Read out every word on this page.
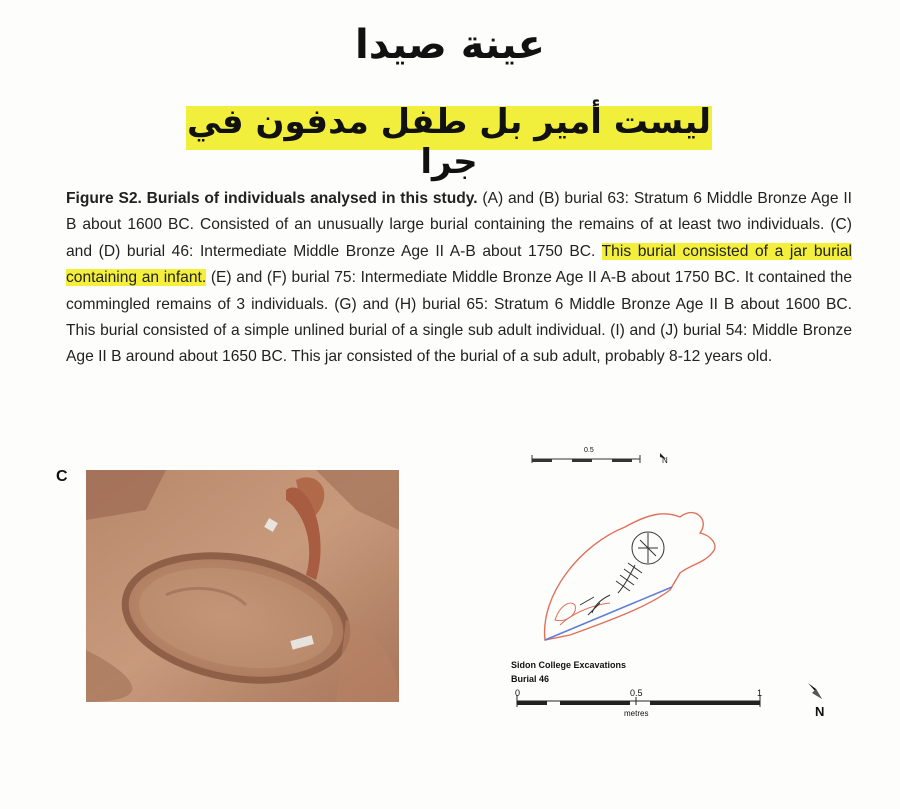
عينة صيدا
ليست أمير بل طفل مدفون في جرا
Figure S2. Burials of individuals analysed in this study. (A) and (B) burial 63: Stratum 6 Middle Bronze Age II B about 1600 BC. Consisted of an unusually large burial containing the remains of at least two individuals. (C) and (D) burial 46: Intermediate Middle Bronze Age II A-B about 1750 BC. This burial consisted of a jar burial containing an infant. (E) and (F) burial 75: Intermediate Middle Bronze Age II A-B about 1750 BC. It contained the commingled remains of 3 individuals. (G) and (H) burial 65: Stratum 6 Middle Bronze Age II B about 1600 BC. This burial consisted of a simple unlined burial of a single sub adult individual. (I) and (J) burial 54: Middle Bronze Age II B around about 1650 BC. This jar consisted of the burial of a sub adult, probably 8-12 years old.
C
0.5
N
Sidon College Excavations
Burial 46
0	0.5	1
metres	N
